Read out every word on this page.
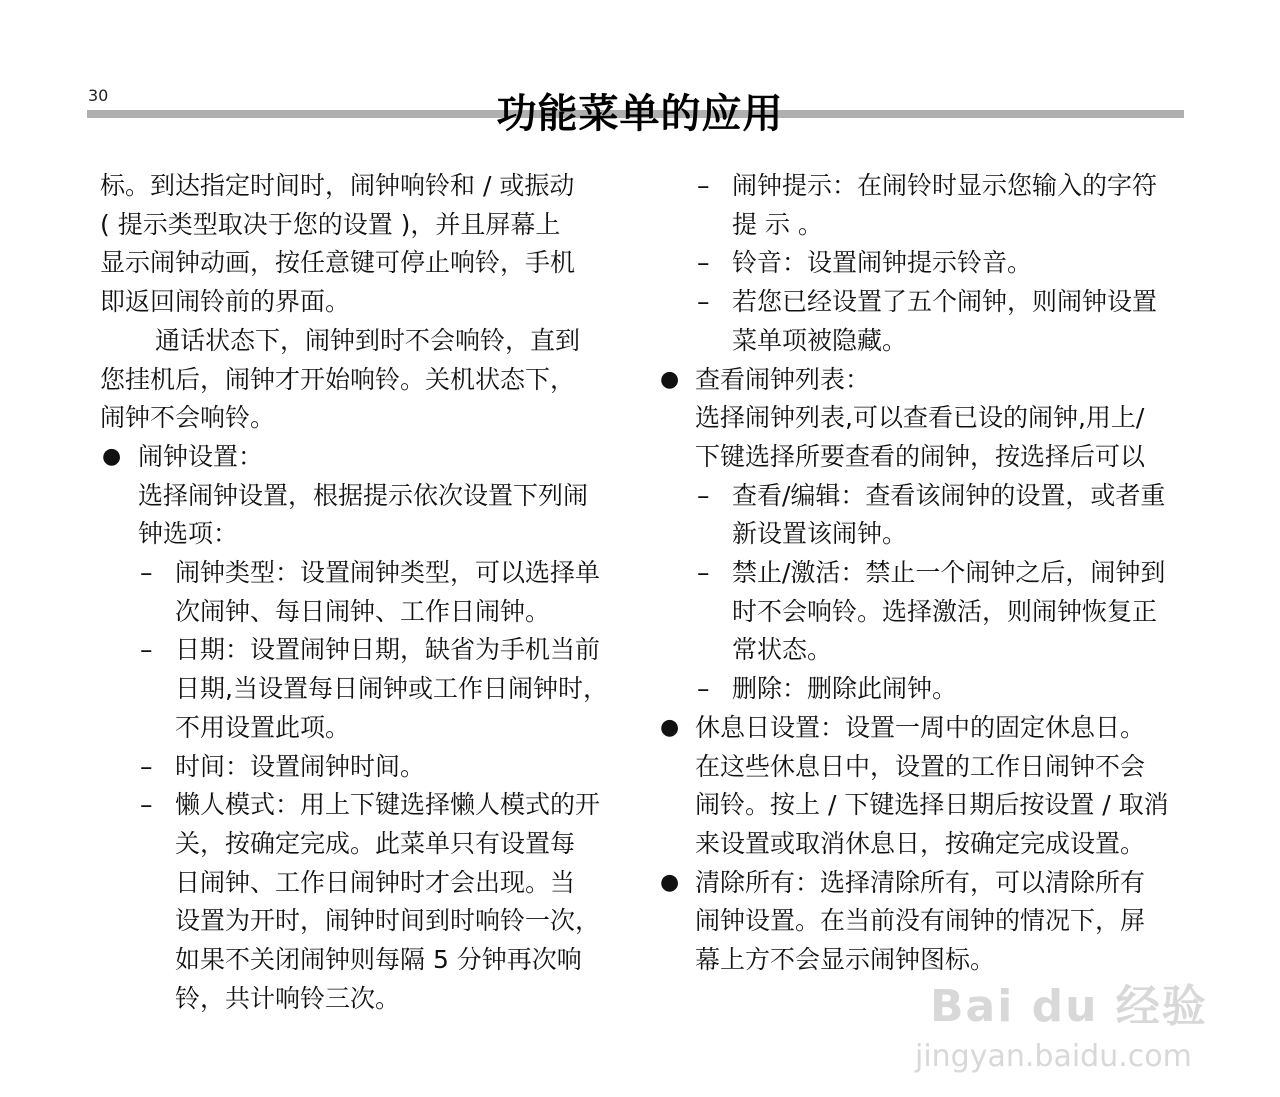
30	功能菜单的应用
标。到达指定时间时，闹钟响铃和 / 或振动
( 提示类型取决于您的设置 )，并且屏幕上
显示闹钟动画，按任意键可停止响铃，手机
即返回闹铃前的界面。
通话状态下，闹钟到时不会响铃，直到
您挂机后，闹钟才开始响铃。关机状态下，
闹钟不会响铃。
● 闹钟设置：
选择闹钟设置，根据提示依次设置下列闹
钟选项：
– 闹钟类型：设置闹钟类型，可以选择单
次闹钟、每日闹钟、工作日闹钟。
– 日期：设置闹钟日期，缺省为手机当前
日期,当设置每日闹钟或工作日闹钟时，
不用设置此项。
– 时间：设置闹钟时间。
– 懒人模式：用上下键选择懒人模式的开
关，按确定完成。此菜单只有设置每
日闹钟、工作日闹钟时才会出现。当
设置为开时，闹钟时间到时响铃一次，
如果不关闭闹钟则每隔 5 分钟再次响
铃，共计响铃三次。
– 闹钟提示：在闹铃时显示您输入的字符
提 示 。
– 铃音：设置闹钟提示铃音。
– 若您已经设置了五个闹钟，则闹钟设置
菜单项被隐藏。
● 查看闹钟列表：
选择闹钟列表,可以查看已设的闹钟,用上/
下键选择所要查看的闹钟，按选择后可以
– 查看/编辑：查看该闹钟的设置，或者重
新设置该闹钟。
– 禁止/激活：禁止一个闹钟之后，闹钟到
时不会响铃。选择激活，则闹钟恢复正
常状态。
– 删除：删除此闹钟。
● 休息日设置：设置一周中的固定休息日。
在这些休息日中，设置的工作日闹钟不会
闹铃。按上 / 下键选择日期后按设置 / 取消
来设置或取消休息日，按确定完成设置。
● 清除所有：选择清除所有，可以清除所有
闹钟设置。在当前没有闹钟的情况下，屏
幕上方不会显示闹钟图标。
Bai du 经验
jingyan.baidu.com
